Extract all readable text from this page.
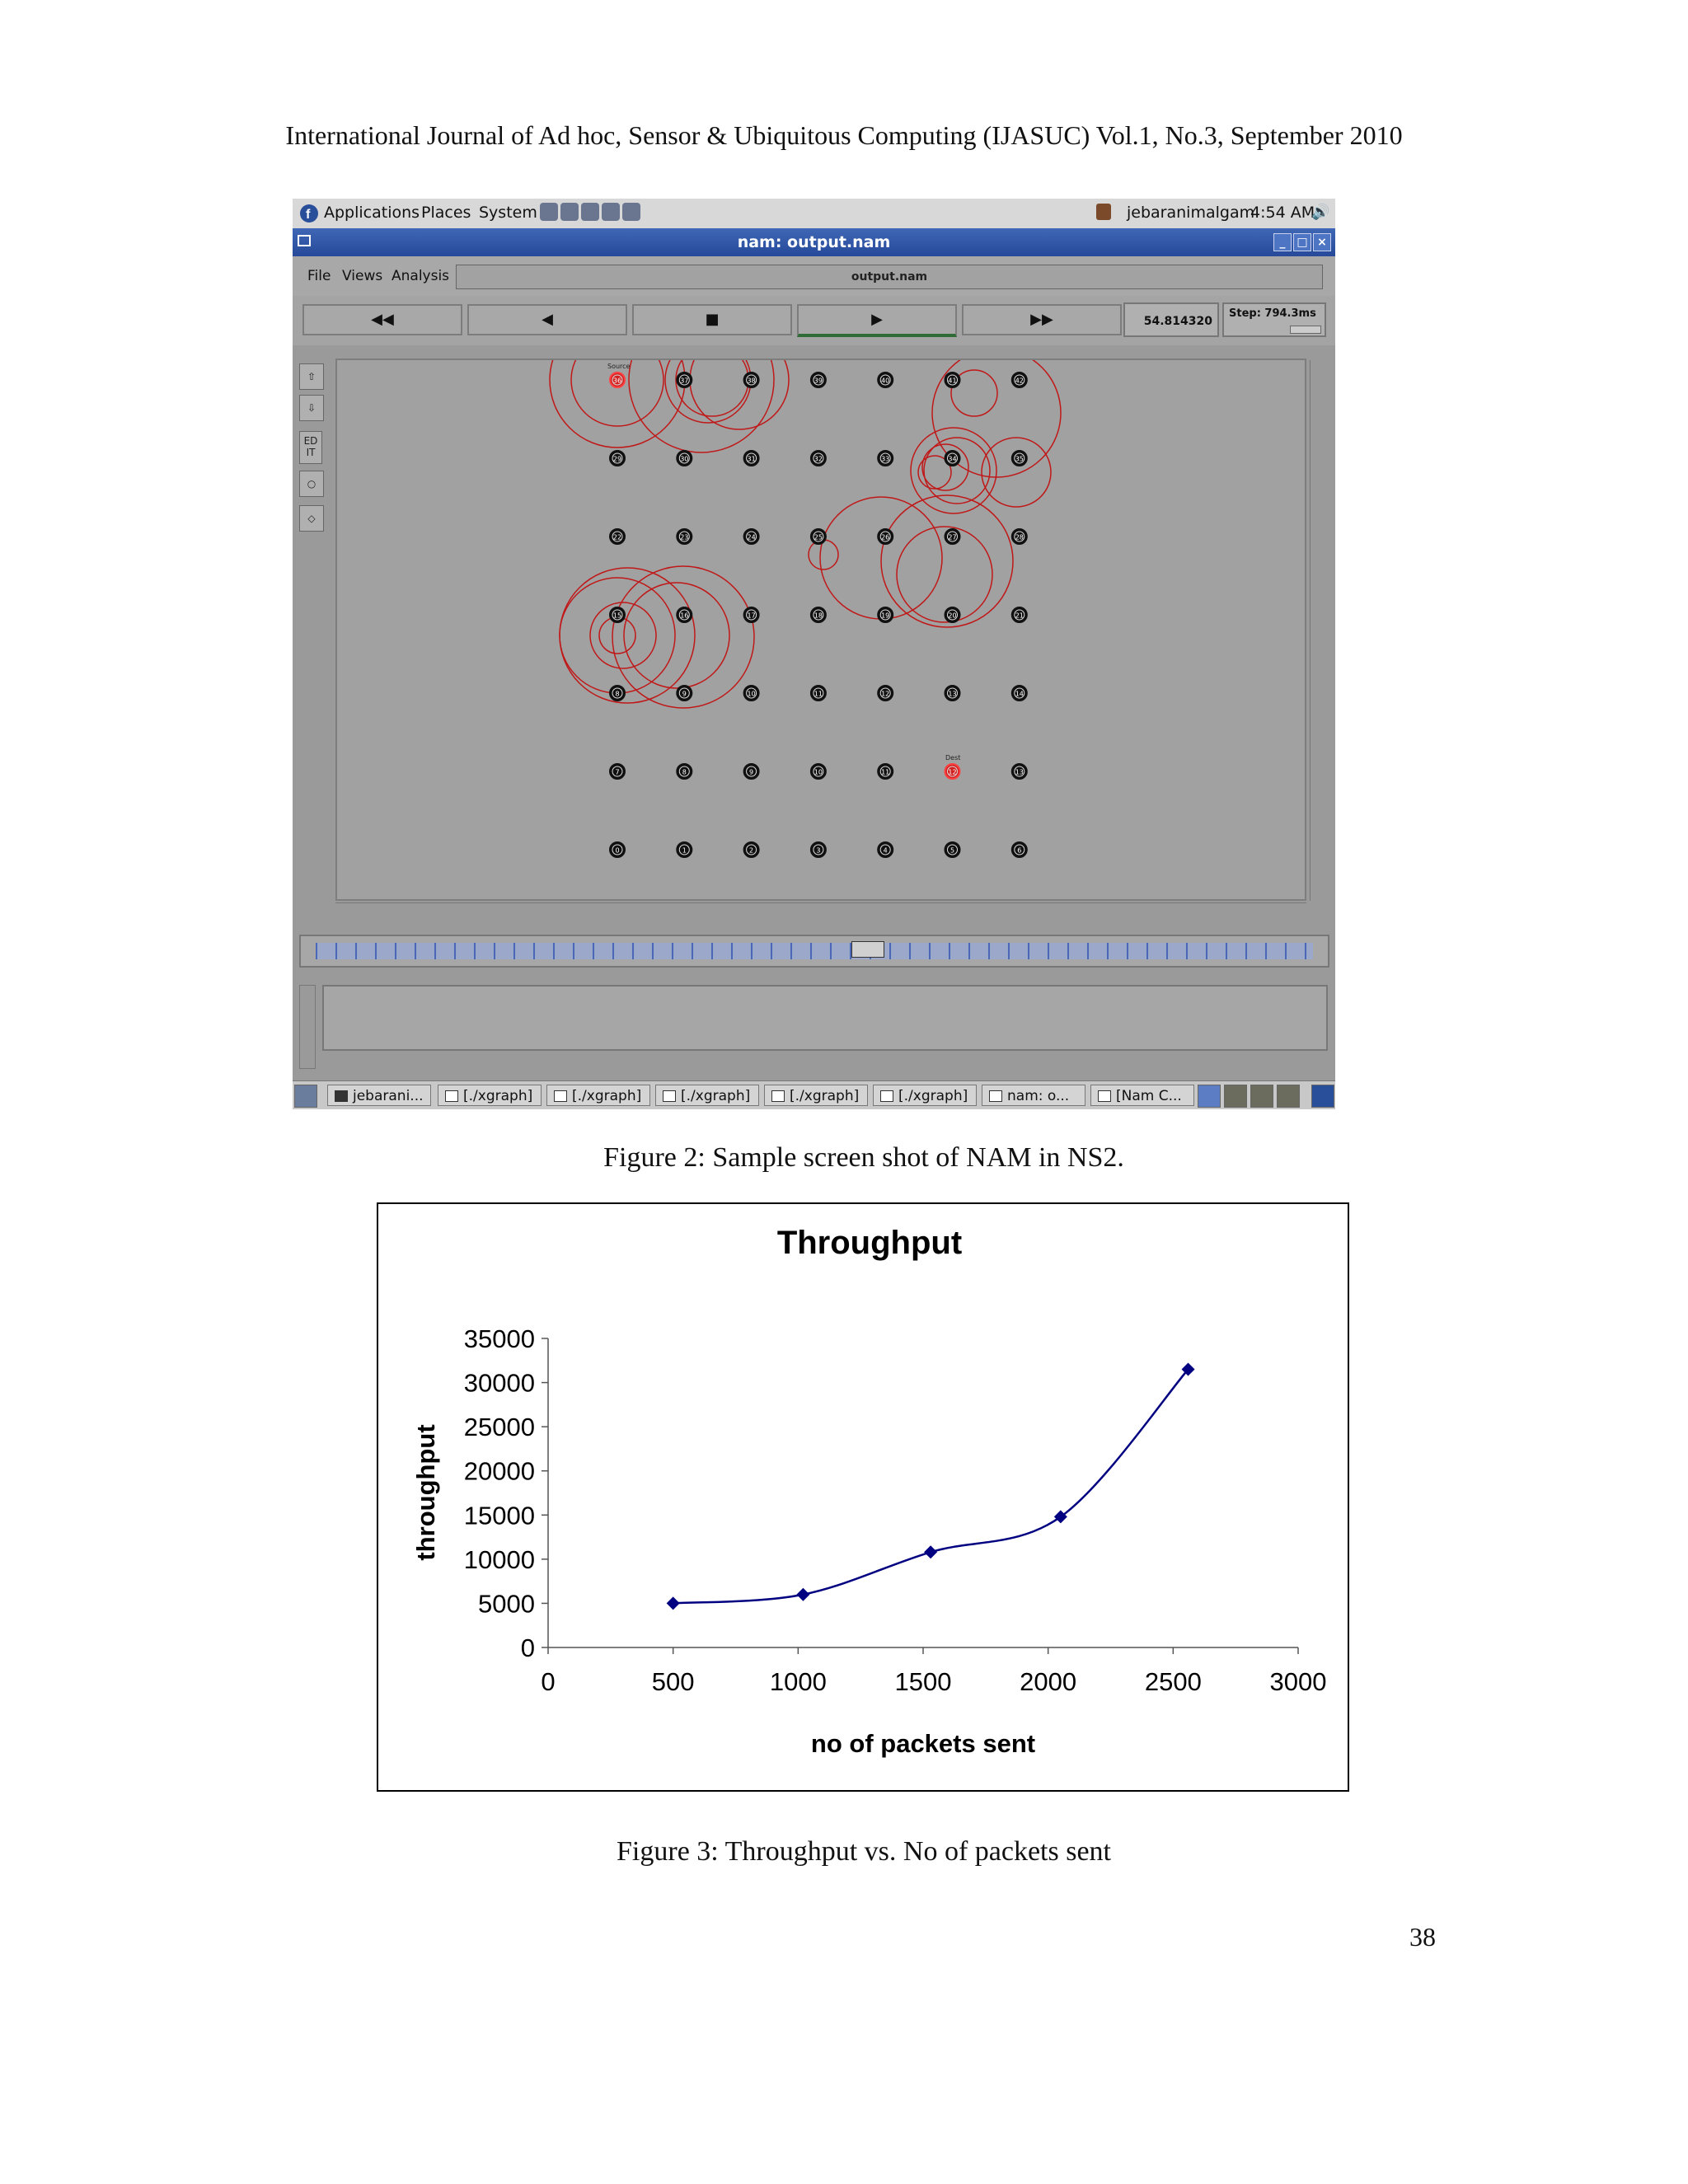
International Journal of Ad hoc, Sensor & Ubiquitous Computing (IJASUC) Vol.1, No.3, September 2010
f Applications Places System	jebaranimalgam
4:54 AM
🔊
nam: output.nam	_ □ ×
File Views Analysis	output.nam
◀◀	◀	■	▶	▶▶	54.814320
Step: 794.3ms
⇧
⇩
ED IT
○
◇
36	37	38	39	40	41	42
29	30	31	32	33	34	35
22	23	24	25	26	27	28
15	16	17	18	19	20	21
8	9	10	11	12	13	14
7	8	9	10	11	12	13
0	1	2	3	4	5	6
Source
Dest
jebarani...	[./xgraph]	[./xgraph]	[./xgraph]	[./xgraph]	[./xgraph]	nam: o...	[Nam C...
Figure 2: Sample screen shot of NAM in NS2.
Throughput
0
5000
10000
15000
20000
25000
30000
35000
0	500	1000	1500	2000	2500	3000
no of packets sent
throughput
Figure 3: Throughput vs. No of packets sent
38
